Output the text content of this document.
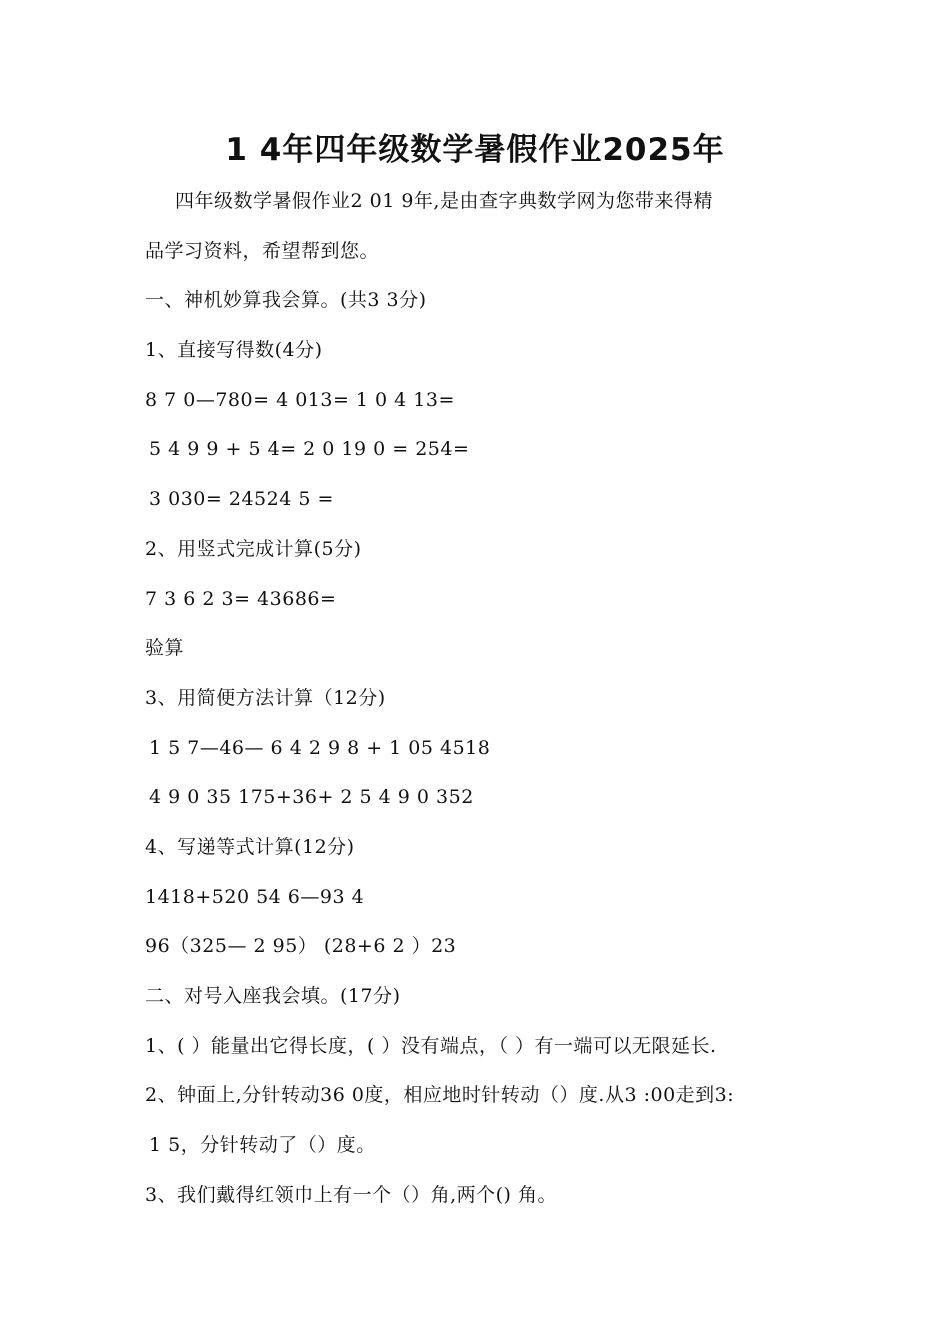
1 4年四年级数学暑假作业2025年
四年级数学暑假作业2 01 9年,是由查字典数学网为您带来得精
品学习资料，希望帮到您。
一、神机妙算我会算。(共3 3分)
1、直接写得数(4分)
8 7 0—780= 4 013= 1 0 4 13=
5 4 9 9 + 5 4= 2 0 19 0 = 254=
3 030= 24524 5 =
2、用竖式完成计算(5分)
7 3 6 2 3= 43686=
验算
3、用简便方法计算（12分)
1 5 7—46— 6 4 2 9 8 + 1 05 4518
4 9 0 35 175+36+ 2 5 4 9 0 352
4、写递等式计算(12分)
1418+520 54 6—93 4
96（325— 2 95） (28+6 2 ）23
二、对号入座我会填。(17分)
1、( ）能量出它得长度，( ）没有端点，（ ）有一端可以无限延长.
2、钟面上,分针转动36 0度，相应地时针转动（）度.从3 :00走到3:
1 5，分针转动了（）度。
3、我们戴得红领巾上有一个（）角,两个() 角。
